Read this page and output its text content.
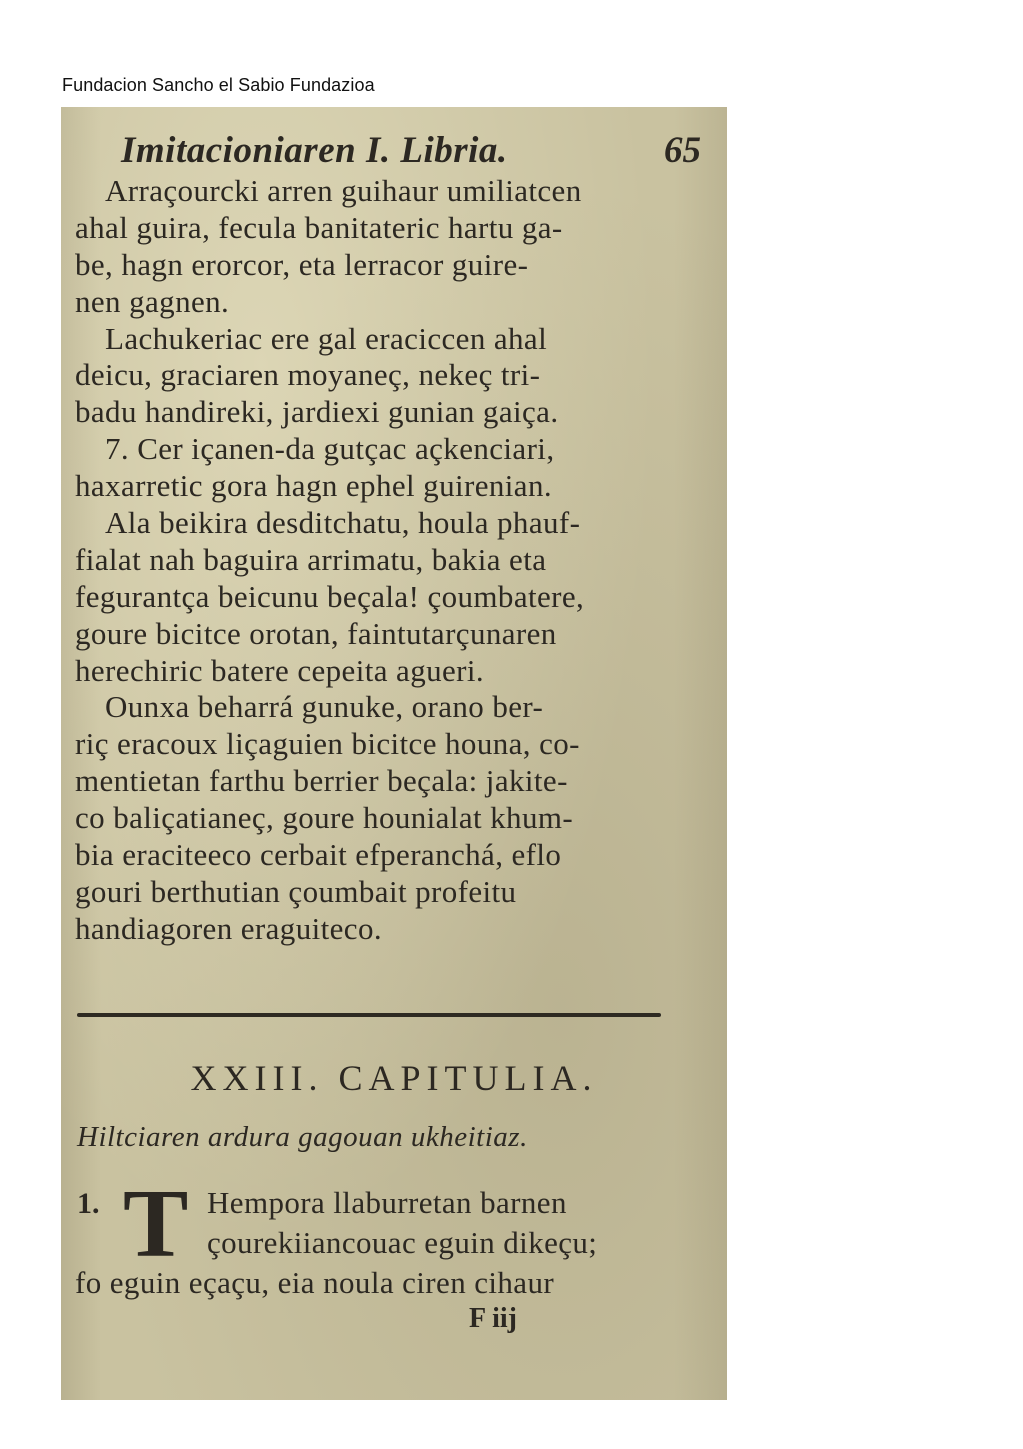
Fundacion Sancho el Sabio Fundazioa
Imitacioniaren I. Libria.	65
Arraçourcki arren guihaur umiliatcen
ahal guira, fecula banitateric hartu ga-
be, hagn erorcor, eta lerracor guire-
nen gagnen.
Lachukeriac ere gal eraciccen ahal
deicu, graciaren moyaneç, nekeç tri-
badu handireki, jardiexi gunian gaiça.
7. Cer içanen-da gutçac açkenciari,
haxarretic gora hagn ephel guirenian.
Ala beikira desditchatu, houla phauf-
fialat nah baguira arrimatu, bakia eta
fegurantça beicunu beçala! çoumbatere,
goure bicitce orotan, faintutarçunaren
herechiric batere cepeita agueri.
Ounxa beharrá gunuke, orano ber-
riç eracoux liçaguien bicitce houna, co-
mentietan farthu berrier beçala: jakite-
co baliçatianeç, goure hounialat khum-
bia eraciteeco cerbait efperanchá, eflo
gouri berthutian çoumbait profeitu
handiagoren eraguiteco.
XXIII. CAPITULIA.
Hiltciaren ardura gagouan ukheitiaz.
1. T Hempora llaburretan barnen
çourekiiancouac eguin dikeçu;
fo eguin eçaçu, eia noula ciren cihaur
F iij
